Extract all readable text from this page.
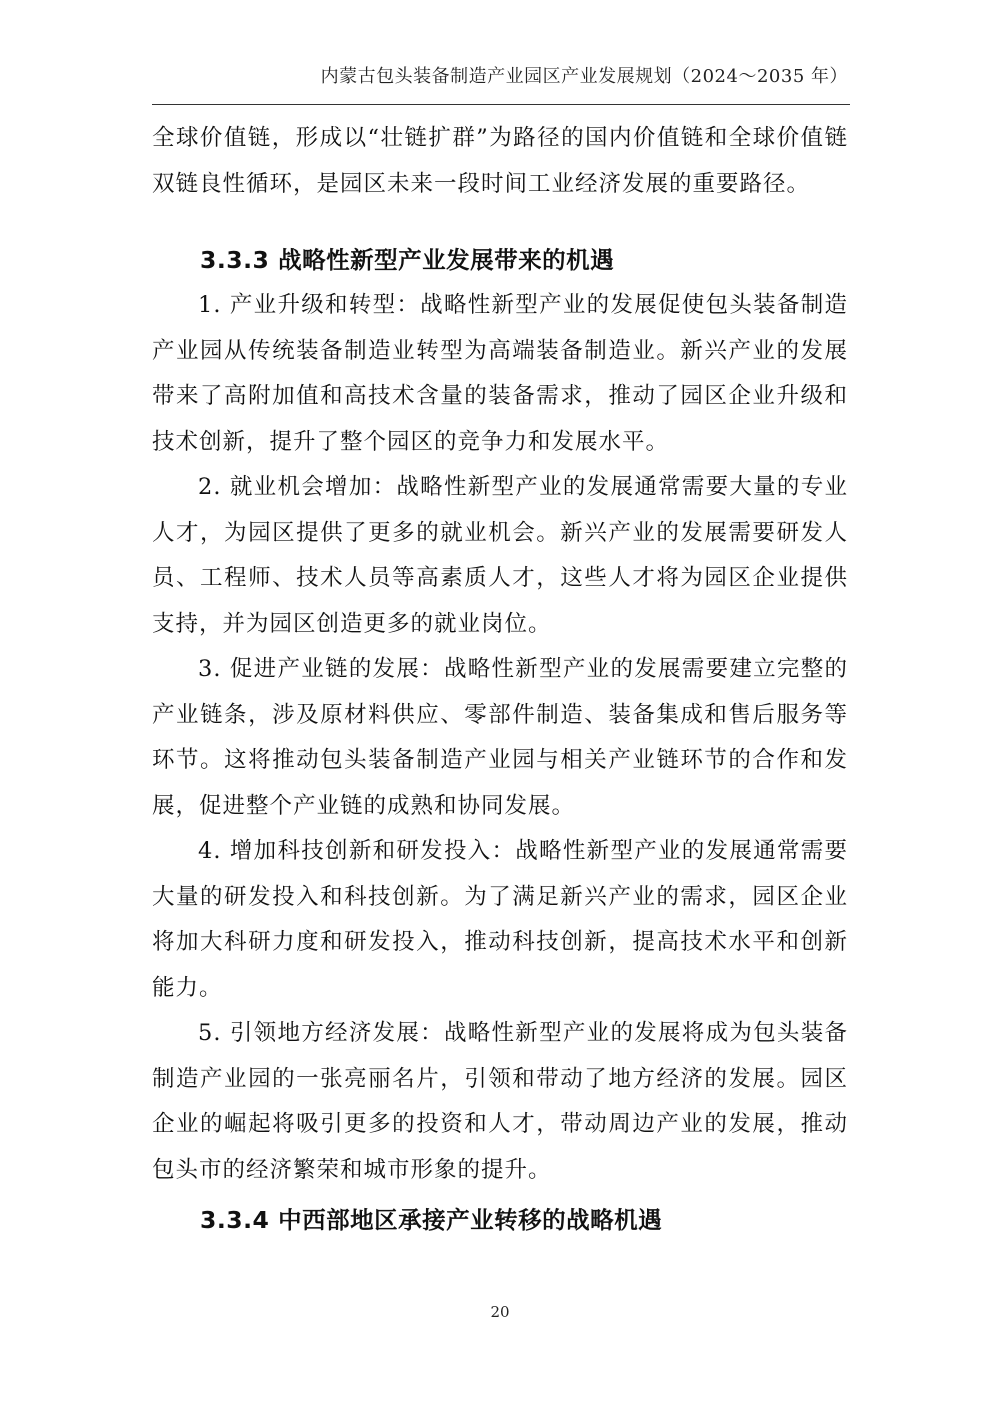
内蒙古包头装备制造产业园区产业发展规划（2024～2035 年）

全球价值链，形成以“壮链扩群”为路径的国内价值链和全球价值链双链良性循环，是园区未来一段时间工业经济发展的重要路径。

3.3.3 战略性新型产业发展带来的机遇

1. 产业升级和转型：战略性新型产业的发展促使包头装备制造产业园从传统装备制造业转型为高端装备制造业。新兴产业的发展带来了高附加值和高技术含量的装备需求，推动了园区企业升级和技术创新，提升了整个园区的竞争力和发展水平。

2. 就业机会增加：战略性新型产业的发展通常需要大量的专业人才，为园区提供了更多的就业机会。新兴产业的发展需要研发人员、工程师、技术人员等高素质人才，这些人才将为园区企业提供支持，并为园区创造更多的就业岗位。

3. 促进产业链的发展：战略性新型产业的发展需要建立完整的产业链条，涉及原材料供应、零部件制造、装备集成和售后服务等环节。这将推动包头装备制造产业园与相关产业链环节的合作和发展，促进整个产业链的成熟和协同发展。

4. 增加科技创新和研发投入：战略性新型产业的发展通常需要大量的研发投入和科技创新。为了满足新兴产业的需求，园区企业将加大科研力度和研发投入，推动科技创新，提高技术水平和创新能力。

5. 引领地方经济发展：战略性新型产业的发展将成为包头装备制造产业园的一张亮丽名片，引领和带动了地方经济的发展。园区企业的崛起将吸引更多的投资和人才，带动周边产业的发展，推动包头市的经济繁荣和城市形象的提升。

3.3.4 中西部地区承接产业转移的战略机遇
20
